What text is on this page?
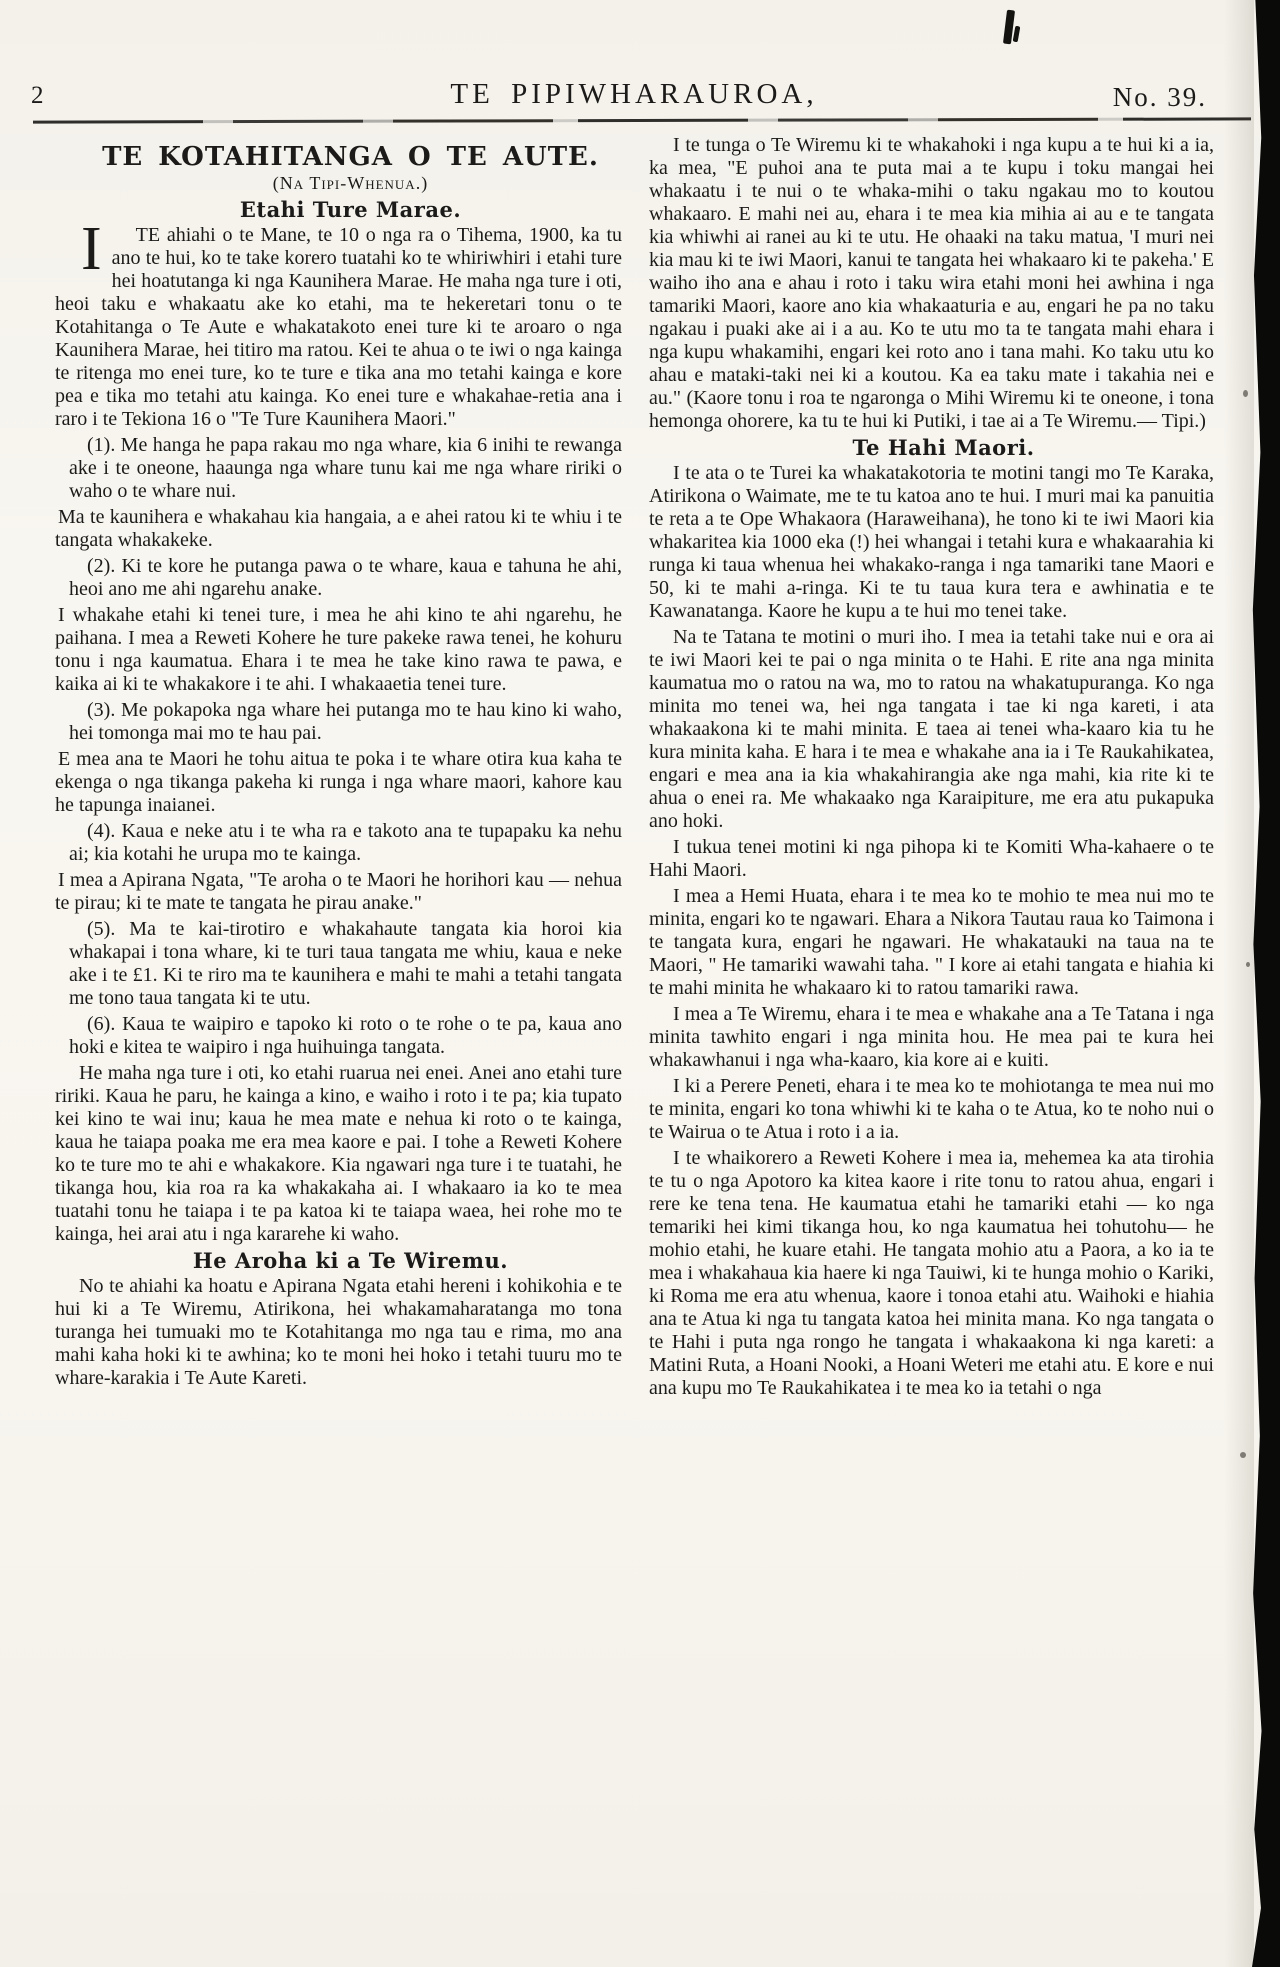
2	TE PIPIWHARAUROA,	No. 39.

TE KOTAHITANGA O TE AUTE.

(Na Tipi-Whenua.)

Etahi Ture Marae.

I	TE ahiahi o te Mane, te 10 o nga ra o Tihema, 1900, ka tu ano te hui, ko te take korero tuatahi ko te whiriwhiri i etahi ture hei hoatutanga ki nga Kaunihera Marae. He maha nga ture i oti, heoi taku e whakaatu ake ko etahi, ma te hekeretari tonu o te Kotahitanga o Te Aute e whakatakoto enei ture ki te aroaro o nga Kaunihera Marae, hei titiro ma ratou. Kei te ahua o te iwi o nga kainga te ritenga mo enei ture, ko te ture e tika ana mo tetahi kainga e kore pea e tika mo tetahi atu kainga. Ko enei ture e whakahae-retia ana i raro i te Tekiona 16 o "Te Ture Kaunihera Maori."

(1). Me hanga he papa rakau mo nga whare, kia 6 inihi te rewanga ake i te oneone, haaunga nga whare tunu kai me nga whare ririki o waho o te whare nui.

Ma te kaunihera e whakahau kia hangaia, a e ahei ratou ki te whiu i te tangata whakakeke.

(2). Ki te kore he putanga pawa o te whare, kaua e tahuna he ahi, heoi ano me ahi ngarehu anake.

I whakahe etahi ki tenei ture, i mea he ahi kino te ahi ngarehu, he paihana. I mea a Reweti Kohere he ture pakeke rawa tenei, he kohuru tonu i nga kaumatua. Ehara i te mea he take kino rawa te pawa, e kaika ai ki te whakakore i te ahi. I whakaaetia tenei ture.

(3). Me pokapoka nga whare hei putanga mo te hau kino ki waho, hei tomonga mai mo te hau pai.

E mea ana te Maori he tohu aitua te poka i te whare otira kua kaha te ekenga o nga tikanga pakeha ki runga i nga whare maori, kahore kau he tapunga inaianei.

(4). Kaua e neke atu i te wha ra e takoto ana te tupapaku ka nehu ai; kia kotahi he urupa mo te kainga.

I mea a Apirana Ngata, "Te aroha o te Maori he horihori kau — nehua te pirau; ki te mate te tangata he pirau anake."

(5). Ma te kai-tirotiro e whakahaute tangata kia horoi kia whakapai i tona whare, ki te turi taua tangata me whiu, kaua e neke ake i te £1. Ki te riro ma te kaunihera e mahi te mahi a tetahi tangata me tono taua tangata ki te utu.

(6). Kaua te waipiro e tapoko ki roto o te rohe o te pa, kaua ano hoki e kitea te waipiro i nga huihuinga tangata.

He maha nga ture i oti, ko etahi ruarua nei enei. Anei ano etahi ture ririki. Kaua he paru, he kainga a kino, e waiho i roto i te pa; kia tupato kei kino te wai inu; kaua he mea mate e nehua ki roto o te kainga, kaua he taiapa poaka me era mea kaore e pai. I tohe a Reweti Kohere ko te ture mo te ahi e whakakore. Kia ngawari nga ture i te tuatahi, he tikanga hou, kia roa ra ka whakakaha ai. I whakaaro ia ko te mea tuatahi tonu he taiapa i te pa katoa ki te taiapa waea, hei rohe mo te kainga, hei arai atu i nga kararehe ki waho.

He Aroha ki a Te Wiremu.

No te ahiahi ka hoatu e Apirana Ngata etahi hereni i kohikohia e te hui ki a Te Wiremu, Atirikona, hei whakamaharatanga mo tona turanga hei tumuaki mo te Kotahitanga mo nga tau e rima, mo ana mahi kaha hoki ki te awhina; ko te moni hei hoko i tetahi tuuru mo te whare-karakia i Te Aute Kareti.

I te tunga o Te Wiremu ki te whakahoki i nga kupu a te hui ki a ia, ka mea, "E puhoi ana te puta mai a te kupu i toku mangai hei whakaatu i te nui o te whaka-mihi o taku ngakau mo to koutou whakaaro. E mahi nei au, ehara i te mea kia mihia ai au e te tangata kia whiwhi ai ranei au ki te utu. He ohaaki na taku matua, 'I muri nei kia mau ki te iwi Maori, kanui te tangata hei whakaaro ki te pakeha.' E waiho iho ana e ahau i roto i taku wira etahi moni hei awhina i nga tamariki Maori, kaore ano kia whakaaturia e au, engari he pa no taku ngakau i puaki ake ai i a au. Ko te utu mo ta te tangata mahi ehara i nga kupu whakamihi, engari kei roto ano i tana mahi. Ko taku utu ko ahau e mataki-taki nei ki a koutou. Ka ea taku mate i takahia nei e au." (Kaore tonu i roa te ngaronga o Mihi Wiremu ki te oneone, i tona hemonga ohorere, ka tu te hui ki Putiki, i tae ai a Te Wiremu.— Tipi.)

Te Hahi Maori.

I te ata o te Turei ka whakatakotoria te motini tangi mo Te Karaka, Atirikona o Waimate, me te tu katoa ano te hui. I muri mai ka panuitia te reta a te Ope Whakaora (Haraweihana), he tono ki te iwi Maori kia whakaritea kia 1000 eka (!) hei whangai i tetahi kura e whakaarahia ki runga ki taua whenua hei whakako-ranga i nga tamariki tane Maori e 50, ki te mahi a-ringa. Ki te tu taua kura tera e awhinatia e te Kawanatanga. Kaore he kupu a te hui mo tenei take.

Na te Tatana te motini o muri iho. I mea ia tetahi take nui e ora ai te iwi Maori kei te pai o nga minita o te Hahi. E rite ana nga minita kaumatua mo o ratou na wa, mo to ratou na whakatupuranga. Ko nga minita mo tenei wa, hei nga tangata i tae ki nga kareti, i ata whakaakona ki te mahi minita. E taea ai tenei wha-kaaro kia tu he kura minita kaha. E hara i te mea e whakahe ana ia i Te Raukahikatea, engari e mea ana ia kia whakahirangia ake nga mahi, kia rite ki te ahua o enei ra. Me whakaako nga Karaipiture, me era atu pukapuka ano hoki.

I tukua tenei motini ki nga pihopa ki te Komiti Wha-kahaere o te Hahi Maori.

I mea a Hemi Huata, ehara i te mea ko te mohio te mea nui mo te minita, engari ko te ngawari. Ehara a Nikora Tautau raua ko Taimona i te tangata kura, engari he ngawari. He whakatauki na taua na te Maori, " He tamariki wawahi taha. " I kore ai etahi tangata e hiahia ki te mahi minita he whakaaro ki to ratou tamariki rawa.

I mea a Te Wiremu, ehara i te mea e whakahe ana a Te Tatana i nga minita tawhito engari i nga minita hou. He mea pai te kura hei whakawhanui i nga wha-kaaro, kia kore ai e kuiti.

I ki a Perere Peneti, ehara i te mea ko te mohiotanga te mea nui mo te minita, engari ko tona whiwhi ki te kaha o te Atua, ko te noho nui o te Wairua o te Atua i roto i a ia.

I te whaikorero a Reweti Kohere i mea ia, mehemea ka ata tirohia te tu o nga Apotoro ka kitea kaore i rite tonu to ratou ahua, engari i rere ke tena tena. He kaumatua etahi he tamariki etahi — ko nga temariki hei kimi tikanga hou, ko nga kaumatua hei tohutohu— he mohio etahi, he kuare etahi. He tangata mohio atu a Paora, a ko ia te mea i whakahaua kia haere ki nga Tauiwi, ki te hunga mohio o Kariki, ki Roma me era atu whenua, kaore i tonoa etahi atu. Waihoki e hiahia ana te Atua ki nga tu tangata katoa hei minita mana. Ko nga tangata o te Hahi i puta nga rongo he tangata i whakaakona ki nga kareti: a Matini Ruta, a Hoani Nooki, a Hoani Weteri me etahi atu. E kore e nui ana kupu mo Te Raukahikatea i te mea ko ia tetahi o nga
